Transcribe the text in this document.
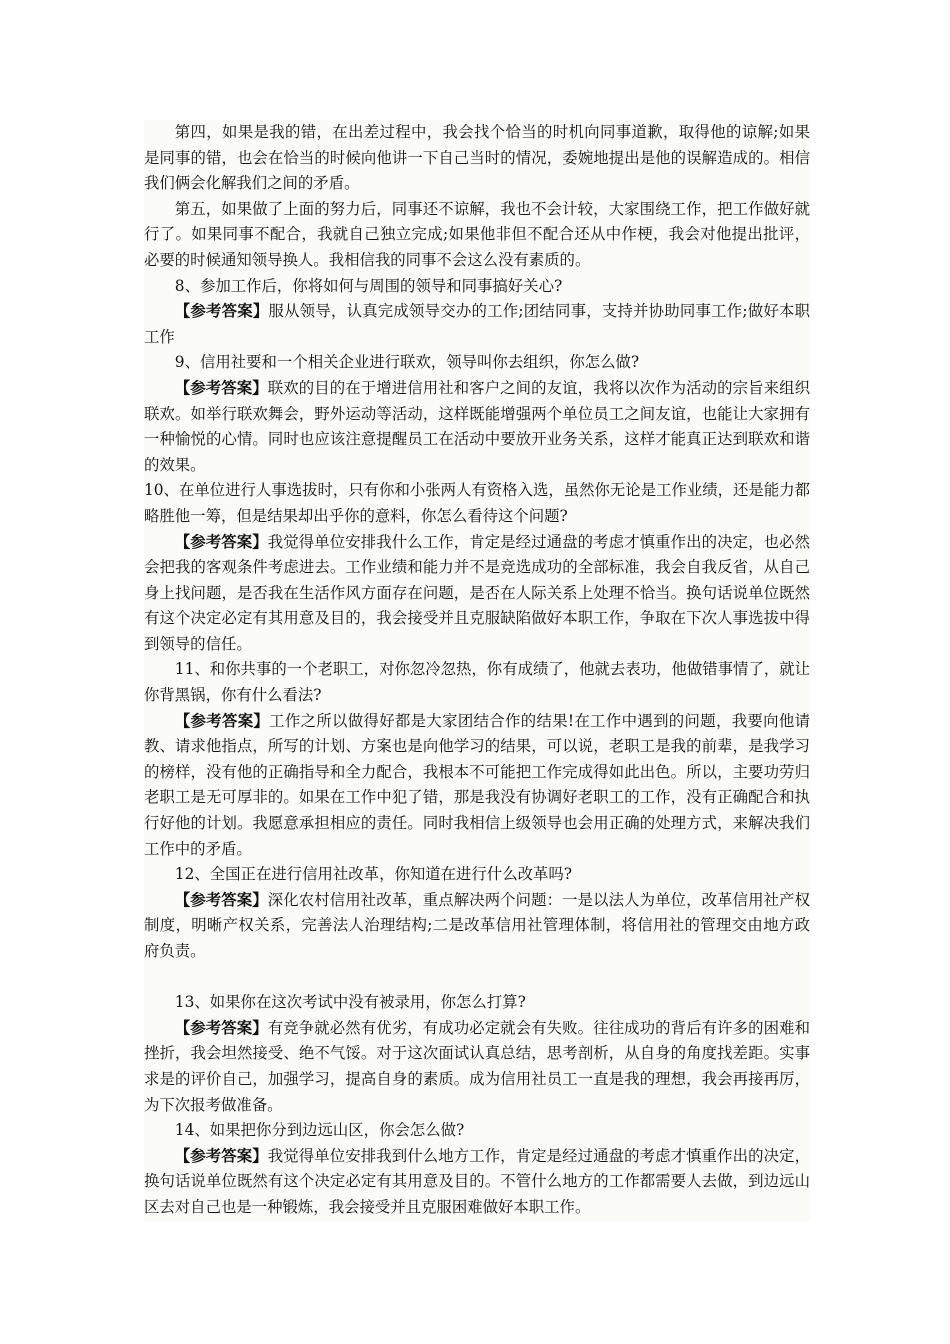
第四，如果是我的错，在出差过程中，我会找个恰当的时机向同事道歉，取得他的谅解;如果是同事的错，也会在恰当的时候向他讲一下自己当时的情况，委婉地提出是他的误解造成的。相信我们俩会化解我们之间的矛盾。

第五，如果做了上面的努力后，同事还不谅解，我也不会计较，大家围绕工作，把工作做好就行了。如果同事不配合，我就自己独立完成;如果他非但不配合还从中作梗，我会对他提出批评，必要的时候通知领导换人。我相信我的同事不会这么没有素质的。

8、参加工作后，你将如何与周围的领导和同事搞好关心?

【参考答案】服从领导，认真完成领导交办的工作;团结同事，支持并协助同事工作;做好本职工作

9、信用社要和一个相关企业进行联欢，领导叫你去组织，你怎么做?

【参考答案】联欢的目的在于增进信用社和客户之间的友谊，我将以次作为活动的宗旨来组织联欢。如举行联欢舞会，野外运动等活动，这样既能增强两个单位员工之间友谊，也能让大家拥有一种愉悦的心情。同时也应该注意提醒员工在活动中要放开业务关系，这样才能真正达到联欢和谐的效果。

10、在单位进行人事选拔时，只有你和小张两人有资格入选，虽然你无论是工作业绩，还是能力都略胜他一筹，但是结果却出乎你的意料，你怎么看待这个问题?

【参考答案】我觉得单位安排我什么工作，肯定是经过通盘的考虑才慎重作出的决定，也必然会把我的客观条件考虑进去。工作业绩和能力并不是竞选成功的全部标准，我会自我反省，从自己身上找问题，是否我在生活作风方面存在问题，是否在人际关系上处理不恰当。换句话说单位既然有这个决定必定有其用意及目的，我会接受并且克服缺陷做好本职工作，争取在下次人事选拔中得到领导的信任。

11、和你共事的一个老职工，对你忽冷忽热，你有成绩了，他就去表功，他做错事情了，就让你背黑锅，你有什么看法?

【参考答案】工作之所以做得好都是大家团结合作的结果!在工作中遇到的问题，我要向他请教、请求他指点，所写的计划、方案也是向他学习的结果，可以说，老职工是我的前辈，是我学习的榜样，没有他的正确指导和全力配合，我根本不可能把工作完成得如此出色。所以，主要功劳归老职工是无可厚非的。如果在工作中犯了错，那是我没有协调好老职工的工作，没有正确配合和执行好他的计划。我愿意承担相应的责任。同时我相信上级领导也会用正确的处理方式，来解决我们工作中的矛盾。

12、全国正在进行信用社改革，你知道在进行什么改革吗?

【参考答案】深化农村信用社改革，重点解决两个问题：一是以法人为单位，改革信用社产权制度，明晰产权关系，完善法人治理结构;二是改革信用社管理体制，将信用社的管理交由地方政府负责。

13、如果你在这次考试中没有被录用，你怎么打算?

【参考答案】有竞争就必然有优劣，有成功必定就会有失败。往往成功的背后有许多的困难和挫折，我会坦然接受、绝不气馁。对于这次面试认真总结，思考剖析，从自身的角度找差距。实事求是的评价自己，加强学习，提高自身的素质。成为信用社员工一直是我的理想，我会再接再厉，为下次报考做准备。

14、如果把你分到边远山区，你会怎么做?

【参考答案】我觉得单位安排我到什么地方工作，肯定是经过通盘的考虑才慎重作出的决定，换句话说单位既然有这个决定必定有其用意及目的。不管什么地方的工作都需要人去做，到边远山区去对自己也是一种锻炼，我会接受并且克服困难做好本职工作。
